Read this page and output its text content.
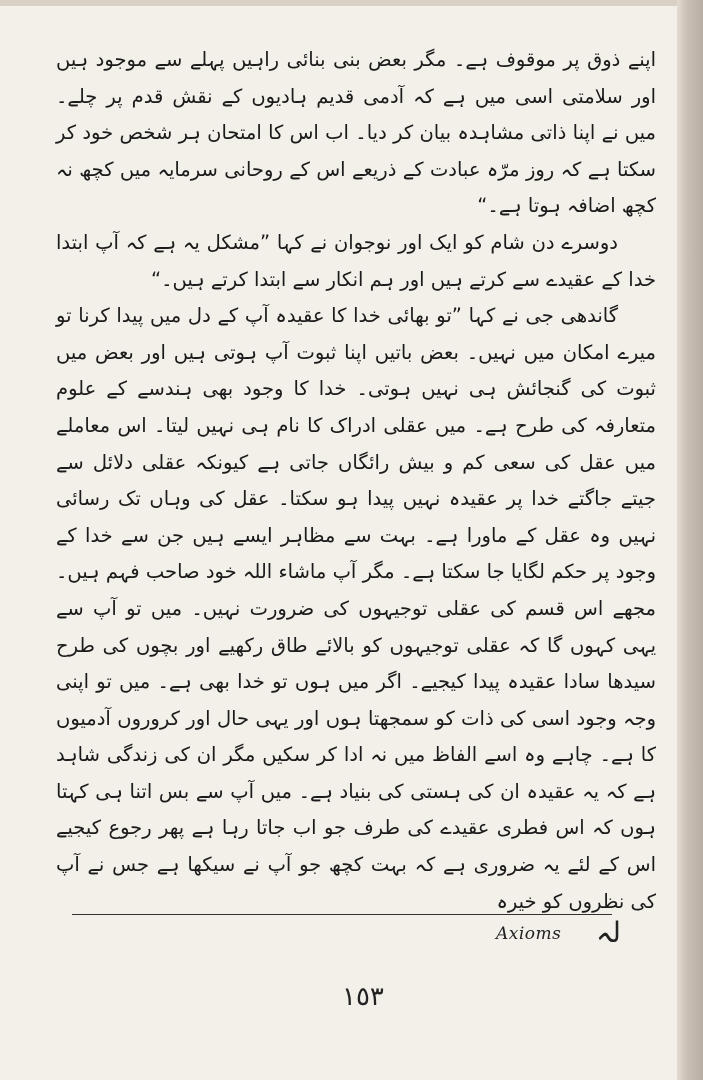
اپنے ذوق پر موقوف ہے۔ مگر بعض بنی بنائی راہیں پہلے سے موجود ہیں اور سلامتی اسی میں ہے کہ آدمی قدیم ہادیوں کے نقش قدم پر چلے۔ میں نے اپنا ذاتی مشاہدہ بیان کر دیا۔ اب اس کا امتحان ہر شخص خود کر سکتا ہے کہ روز مرّہ عبادت کے ذریعے اس کے روحانی سرمایہ میں کچھ نہ کچھ اضافہ ہوتا ہے۔“

دوسرے دن شام کو ایک اور نوجوان نے کہا ”مشکل یہ ہے کہ آپ ابتدا خدا کے عقیدے سے کرتے ہیں اور ہم انکار سے ابتدا کرتے ہیں۔“

گاندھی جی نے کہا ”تو بھائی خدا کا عقیدہ آپ کے دل میں پیدا کرنا تو میرے امکان میں نہیں۔ بعض باتیں اپنا ثبوت آپ ہوتی ہیں اور بعض میں ثبوت کی گنجائش ہی نہیں ہوتی۔ خدا کا وجود بھی ہندسے کے علوم متعارفہ کی طرح ہے۔ میں عقلی ادراک کا نام ہی نہیں لیتا۔ اس معاملے میں عقل کی سعی کم و بیش رائگاں جاتی ہے کیونکہ عقلی دلائل سے جیتے جاگتے خدا پر عقیدہ نہیں پیدا ہو سکتا۔ عقل کی وہاں تک رسائی نہیں وہ عقل کے ماورا ہے۔ بہت سے مظاہر ایسے ہیں جن سے خدا کے وجود پر حکم لگایا جا سکتا ہے۔ مگر آپ ماشاء اللہ خود صاحب فہم ہیں۔ مجھے اس قسم کی عقلی توجیہوں کی ضرورت نہیں۔ میں تو آپ سے یہی کہوں گا کہ عقلی توجیہوں کو بالائے طاق رکھیے اور بچوں کی طرح سیدھا سادا عقیدہ پیدا کیجیے۔ اگر میں ہوں تو خدا بھی ہے۔ میں تو اپنی وجہ وجود اسی کی ذات کو سمجھتا ہوں اور یہی حال اور کروروں آدمیوں کا ہے۔ چاہے وہ اسے الفاظ میں نہ ادا کر سکیں مگر ان کی زندگی شاہد ہے کہ یہ عقیدہ ان کی ہستی کی بنیاد ہے۔ میں آپ سے بس اتنا ہی کہتا ہوں کہ اس فطری عقیدے کی طرف جو اب جاتا رہا ہے پھر رجوع کیجیے اس کے لئے یہ ضروری ہے کہ بہت کچھ جو آپ نے سیکھا ہے جس نے آپ کی نظروں کو خیرہ

لہ
Axioms
١٥٣
